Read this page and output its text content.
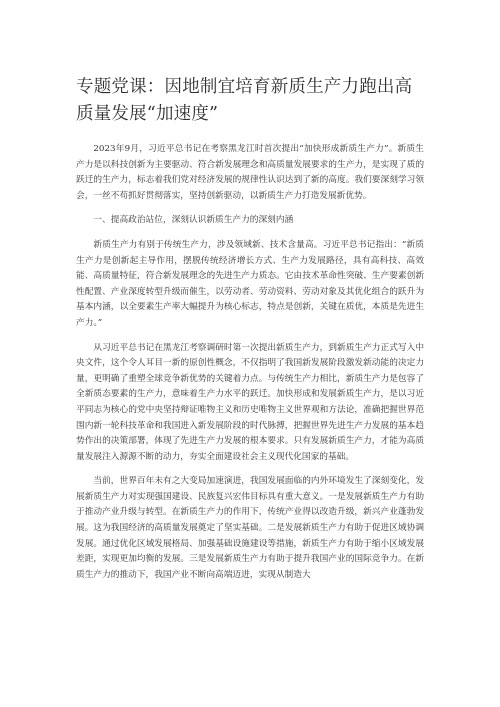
专题党课：因地制宜培育新质生产力跑出高质量发展“加速度”

2023年9月，习近平总书记在考察黑龙江时首次提出“加快形成新质生产力”。新质生产力是以科技创新为主要驱动、符合新发展理念和高质量发展要求的生产力，是实现了质的跃迁的生产力，标志着我们党对经济发展的规律性认识达到了新的高度。我们要深刻学习领会，一丝不苟抓好贯彻落实，坚持创新驱动，以新质生产力打造发展新优势。

一、提高政治站位，深刻认识新质生产力的深刻内涵

新质生产力有别于传统生产力，涉及领域新、技术含量高。习近平总书记指出：“新质生产力是创新起主导作用，摆脱传统经济增长方式、生产力发展路径，具有高科技、高效能、高质量特征，符合新发展理念的先进生产力质态。它由技术革命性突破、生产要素创新性配置、产业深度转型升级而催生，以劳动者、劳动资料、劳动对象及其优化组合的跃升为基本内涵，以全要素生产率大幅提升为核心标志，特点是创新，关键在质优，本质是先进生产力。”

从习近平总书记在黑龙江考察调研时第一次提出新质生产力，到新质生产力正式写入中央文件，这个令人耳目一新的原创性概念，不仅指明了我国新发展阶段激发新动能的决定力量，更明确了重塑全球竞争新优势的关键着力点。与传统生产力相比，新质生产力是包容了全新质态要素的生产力，意味着生产力水平的跃迁。加快形成和发展新质生产力，是以习近平同志为核心的党中央坚持辩证唯物主义和历史唯物主义世界观和方法论，准确把握世界范围内新一轮科技革命和我国进入新发展阶段的时代脉搏，把握世界先进生产力发展的基本趋势作出的决策部署，体现了先进生产力发展的根本要求。只有发展新质生产力，才能为高质量发展注入源源不断的动力，夯实全面建设社会主义现代化国家的基础。

当前，世界百年未有之大变局加速演进，我国发展面临的内外环境发生了深刻变化，发展新质生产力对实现强国建设、民族复兴宏伟目标具有重大意义。一是发展新质生产力有助于推动产业升级与转型。在新质生产力的作用下，传统产业得以改造升级，新兴产业蓬勃发展。这为我国经济的高质量发展奠定了坚实基础。二是发展新质生产力有助于促进区域协调发展。通过优化区域发展格局、加强基础设施建设等措施，新质生产力有助于缩小区域发展差距，实现更加均衡的发展。三是发展新质生产力有助于提升我国产业的国际竞争力。在新质生产力的推动下，我国产业不断向高端迈进，实现从制造大
